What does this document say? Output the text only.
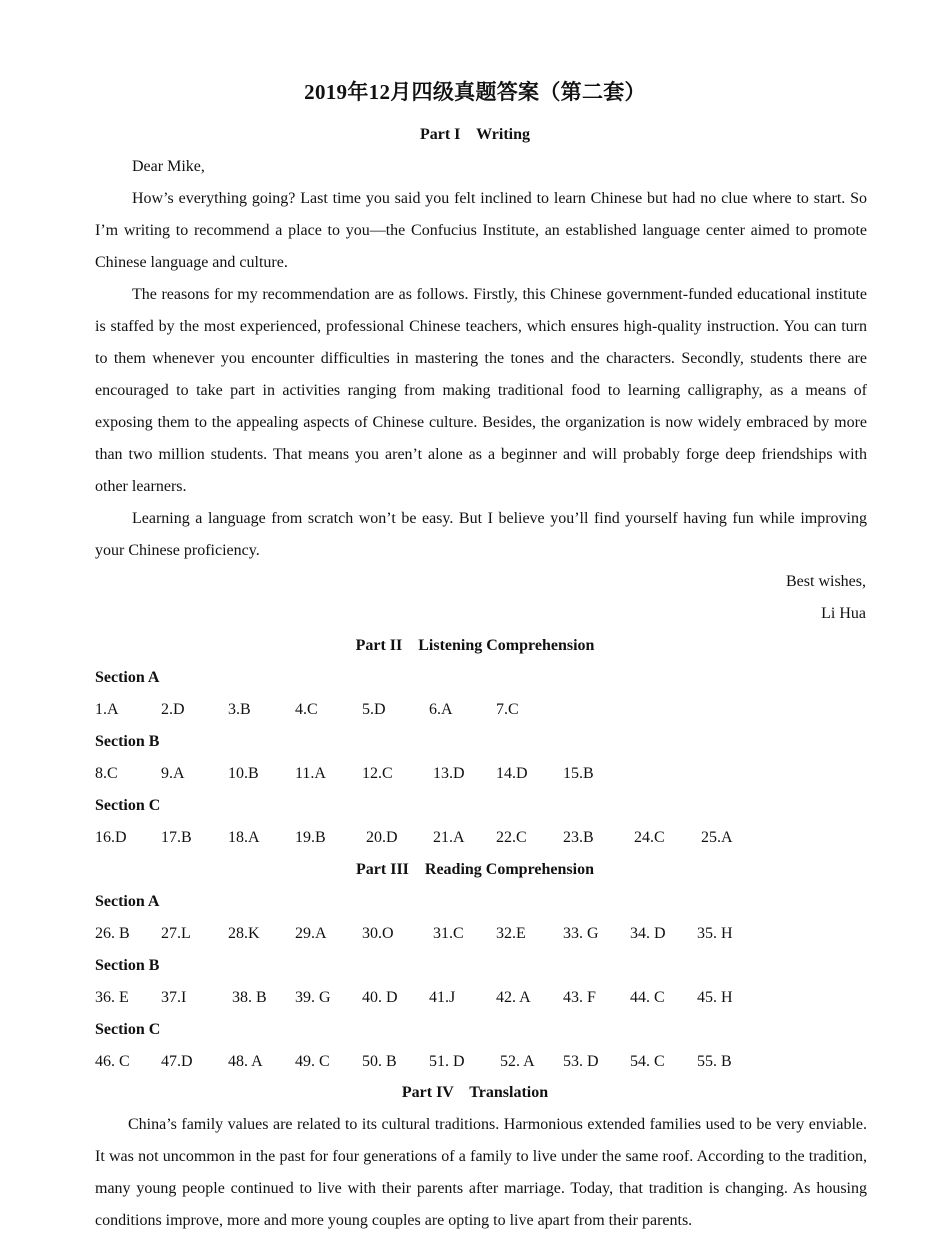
2019年12月四级真题答案（第二套）
Part I    Writing
Dear Mike,

How’s everything going? Last time you said you felt inclined to learn Chinese but had no clue where to start. So I’m writing to recommend a place to you—the Confucius Institute, an established language center aimed to promote Chinese language and culture.

The reasons for my recommendation are as follows. Firstly, this Chinese government-funded educational institute is staffed by the most experienced, professional Chinese teachers, which ensures high-quality instruction. You can turn to them whenever you encounter difficulties in mastering the tones and the characters. Secondly, students there are encouraged to take part in activities ranging from making traditional food to learning calligraphy, as a means of exposing them to the appealing aspects of Chinese culture. Besides, the organization is now widely embraced by more than two million students. That means you aren’t alone as a beginner and will probably forge deep friendships with other learners.

Learning a language from scratch won’t be easy. But I believe you’ll find yourself having fun while improving your Chinese proficiency.

Best wishes,
Li Hua
Part II    Listening Comprehension
Section A
1.A	2.D	3.B	4.C	5.D	6.A	7.C
Section B
8.C	9.A	10.B 11.A 12.C	13.D 14.D 15.B
Section C
16.D 17.B 18.A 19.B	20.D 21.A 22.C 23.B	24.C 25.A
Part III    Reading Comprehension
Section A
26. B 27.L 28.K 29.A 30.O 31.C 32.E 33. G 34. D 35. H
Section B
36. E 37.I	38. B 39. G 40. D 41.J	42. A 43. F 44. C 45. H
Section C
46. C 47.D 48. A 49. C 50. B 51. D 52. A 53. D 54. C 55. B
Part IV    Translation

China’s family values are related to its cultural traditions. Harmonious extended families used to be very enviable. It was not uncommon in the past for four generations of a family to live under the same roof. According to the tradition, many young people continued to live with their parents after marriage. Today, that tradition is changing. As housing conditions improve, more and more young couples are opting to live apart from their parents.
